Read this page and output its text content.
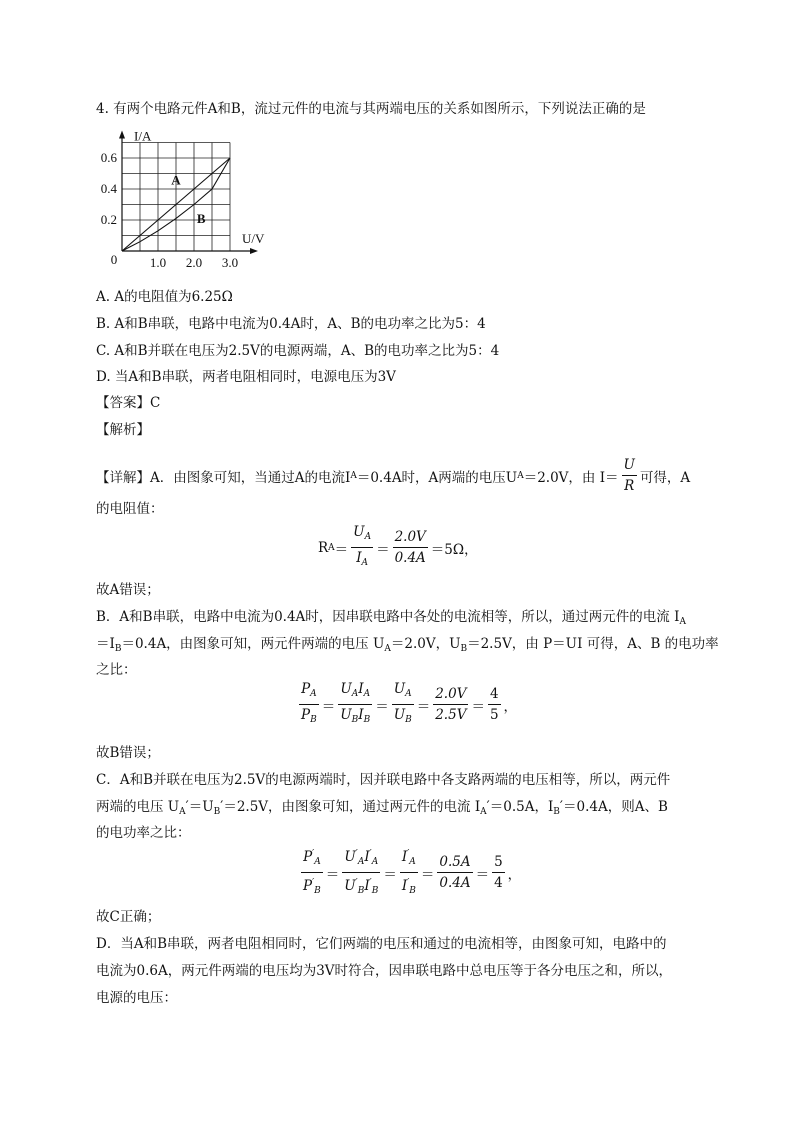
4. 有两个电路元件A和B，流过元件的电流与其两端电压的关系如图所示，下列说法正确的是
I/A
U/V
0	1.0 2.0 3.0
0.2
0.4
0.6
A
B
A. A的电阻值为6.25Ω
B. A和B串联，电路中电流为0.4A时，A、B的电功率之比为5：4
C. A和B并联在电压为2.5V的电源两端，A、B的电功率之比为5：4
D. 当A和B串联，两者电阻相同时，电源电压为3V
【答案】C
【解析】
【详解】 A．由图象可知，当通过A的电流I A ＝0.4A时，A两端的电压U A ＝2.0V，由 $I= \frac{U}{R}$ 可得，A
的电阻值：
R $A = \frac{U_A}{I_A} = \frac{2.0V}{0.4A} =5\Omega$，
故A错误；
B．A和B串联，电路中电流为0.4A时，因串联电路中各处的电流相等，所以，通过两元件的电流 $I_A$
$=I_B=0.4A$，由图象可知，两元件两端的电压 $U_A=2.0V$，$U_B=2.5V$，由 P＝UI 可得，A、B 的电功率
之比：
$\frac{P_A}{P_B} = \frac{U_AI_A}{U_BI_B} = \frac{U_A}{U_B} = \frac{2.0V}{2.5V} = \frac{4}{5}$ ，
故B错误；
C．A和B并联在电压为2.5V的电源两端时，因并联电路中各支路两端的电压相等，所以，两元件
两端的电压 $U_A'=U_B'=2.5V$，由图象可知，通过两元件的电流 $I_A'=0.5A$，$I_B'=0.4A$，则A、B
的电功率之比：
$\frac{P'_A}{P'_B} = \frac{U'_AI'_A}{U'_BI'_B} = \frac{I'_A}{I'_B} = \frac{0.5A}{0.4A} = \frac{5}{4}$ ，
故C正确；
D．当A和B串联，两者电阻相同时，它们两端的电压和通过的电流相等，由图象可知，电路中的
电流为0.6A，两元件两端的电压均为3V时符合，因串联电路中总电压等于各分电压之和，所以，
电源的电压：
